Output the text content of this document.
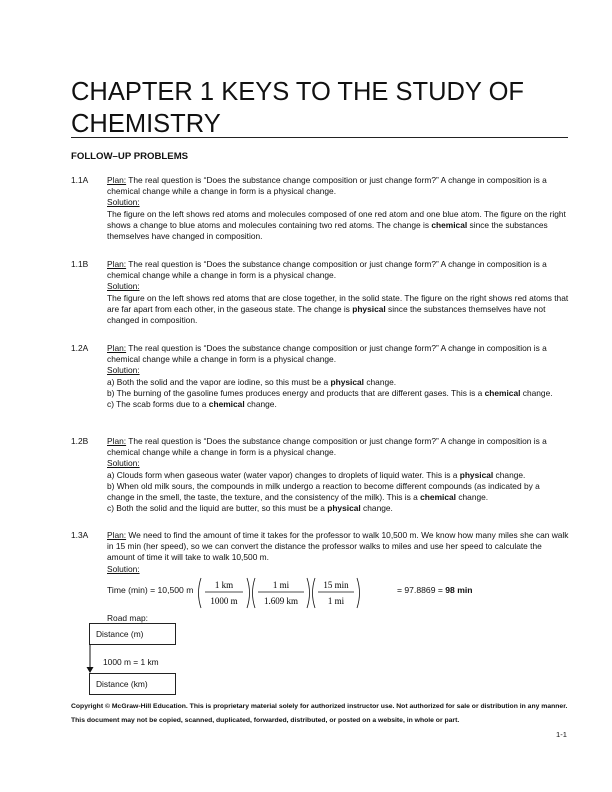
CHAPTER 1 KEYS TO THE STUDY OF
CHEMISTRY
FOLLOW–UP PROBLEMS
1.1A Plan: The real question is “Does the substance change composition or just change form?” A change in composition is a chemical change while a change in form is a physical change.

Solution:

The figure on the left shows red atoms and molecules composed of one red atom and one blue atom. The figure on the right shows a change to blue atoms and molecules containing two red atoms. The change is chemical since the substances themselves have changed in composition.

1.1B Plan: The real question is “Does the substance change composition or just change form?” A change in composition is a chemical change while a change in form is a physical change.

Solution:

The figure on the left shows red atoms that are close together, in the solid state. The figure on the right shows red atoms that are far apart from each other, in the gaseous state. The change is physical since the substances themselves have not changed in composition.

1.2A Plan: The real question is “Does the substance change composition or just change form?” A change in composition is a chemical change while a change in form is a physical change.

Solution:

a) Both the solid and the vapor are iodine, so this must be a physical change.

b) The burning of the gasoline fumes produces energy and products that are different gases. This is a chemical change.

c) The scab forms due to a chemical change.

1.2B Plan: The real question is “Does the substance change composition or just change form?” A change in composition is a chemical change while a change in form is a physical change.

Solution:

a) Clouds form when gaseous water (water vapor) changes to droplets of liquid water. This is a physical change.

b) When old milk sours, the compounds in milk undergo a reaction to become different compounds (as indicated by a change in the smell, the taste, the texture, and the consistency of the milk). This is a chemical change.

c) Both the solid and the liquid are butter, so this must be a physical change.

1.3A Plan: We need to find the amount of time it takes for the professor to walk 10,500 m. We know how many miles she can walk in 15 min (her speed), so we can convert the distance the professor walks to miles and use her speed to calculate the amount of time it will take to walk 10,500 m.

Solution:

Time (min) = 10,500 m 1 km
1000 m
1 mi
1.609 km
15 min
1 mi
= 97.8869 = 98 min
Road map:
Distance (m)
1000 m = 1 km
Distance (km)
Copyright © McGraw-Hill Education. This is proprietary material solely for authorized instructor use. Not authorized for sale or distribution in any manner. This document may not be copied, scanned, duplicated, forwarded, distributed, or posted on a website, in whole or part.
1-1
